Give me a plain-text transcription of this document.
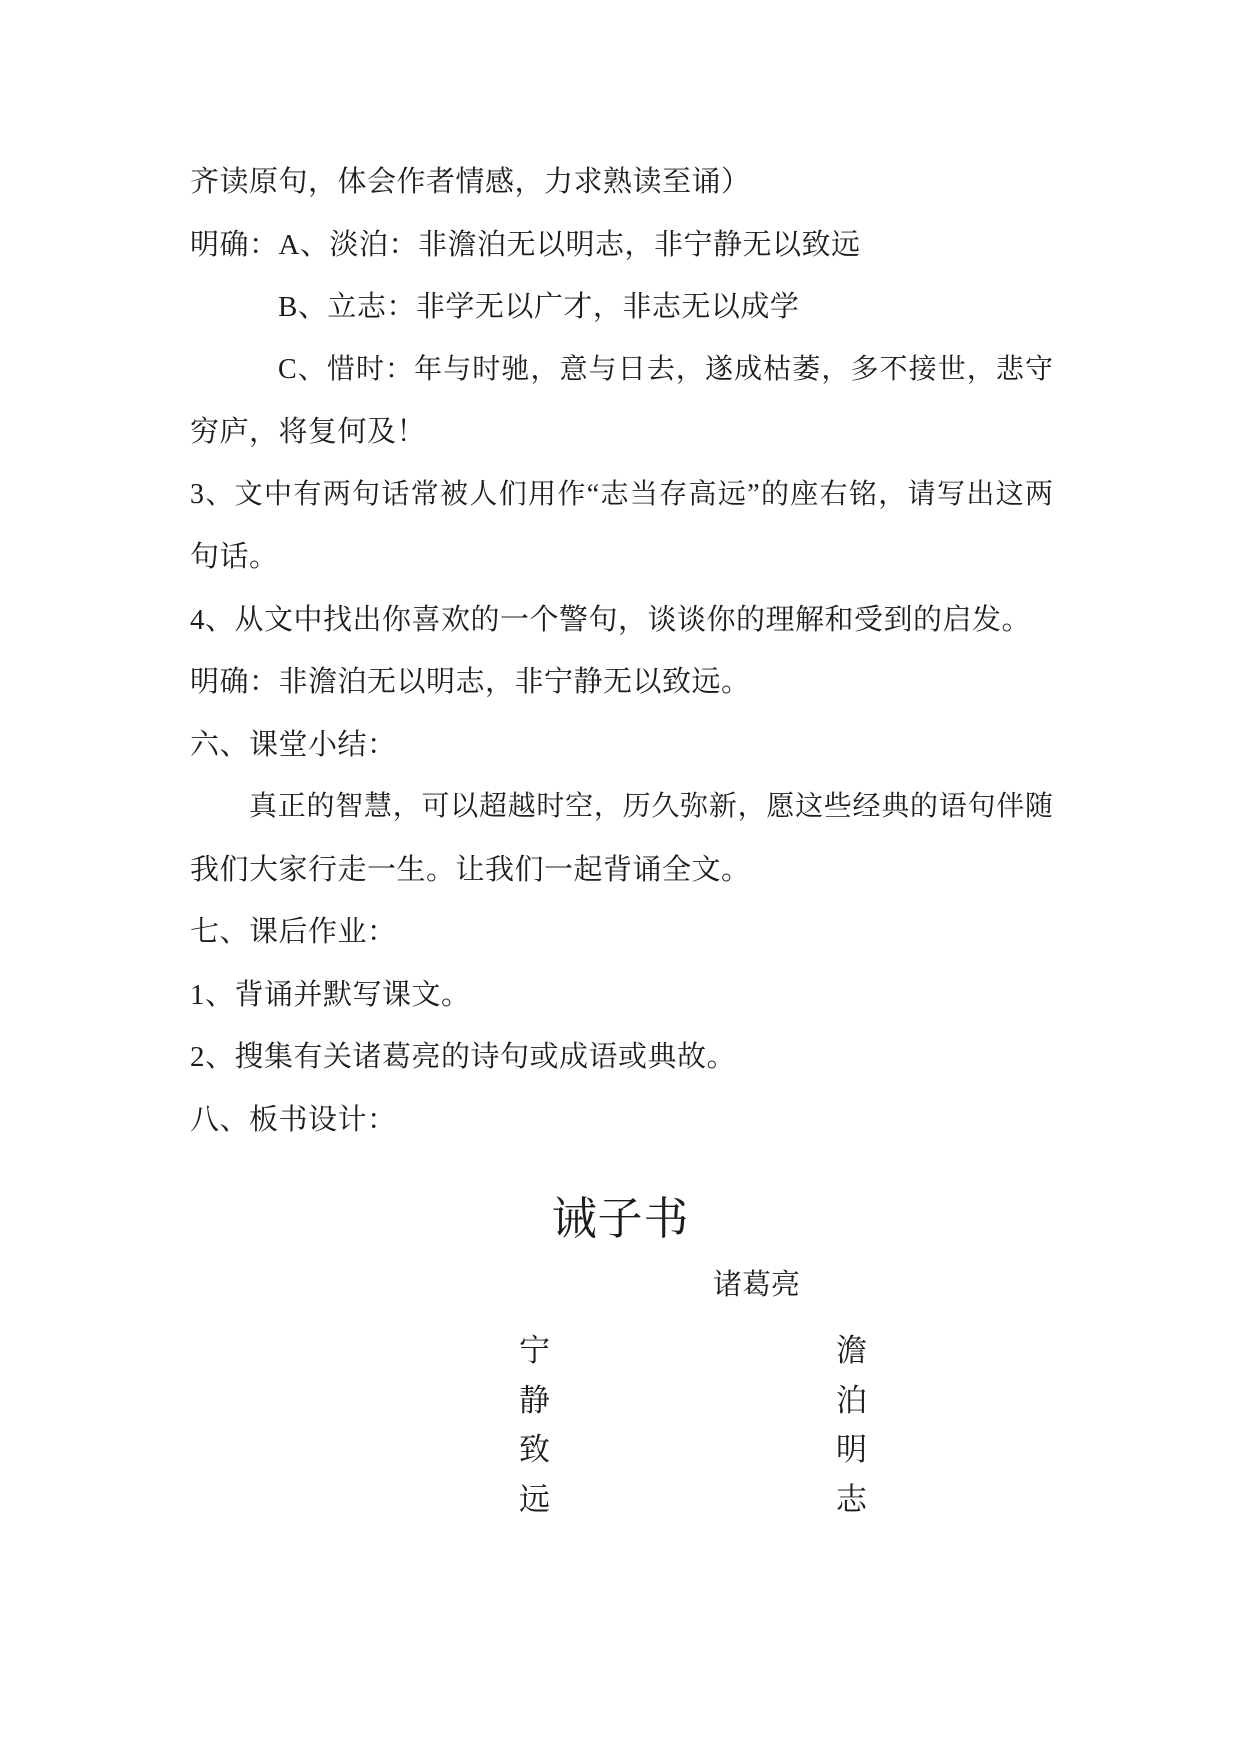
齐读原句，体会作者情感，力求熟读至诵）
明确：A、淡泊：非澹泊无以明志，非宁静无以致远
B、立志：非学无以广才，非志无以成学
C、惜时：年与时驰，意与日去，遂成枯萎，多不接世，悲守
穷庐，将复何及！
3、文中有两句话常被人们用作“志当存高远”的座右铭，请写出这两
句话。
4、从文中找出你喜欢的一个警句，谈谈你的理解和受到的启发。
明确：非澹泊无以明志，非宁静无以致远。
六、课堂小结：
真正的智慧，可以超越时空，历久弥新，愿这些经典的语句伴随
我们大家行走一生。让我们一起背诵全文。
七、课后作业：
1、背诵并默写课文。
2、搜集有关诸葛亮的诗句或成语或典故。
八、板书设计：
诫子书
诸葛亮
宁静致远
澹泊明志
